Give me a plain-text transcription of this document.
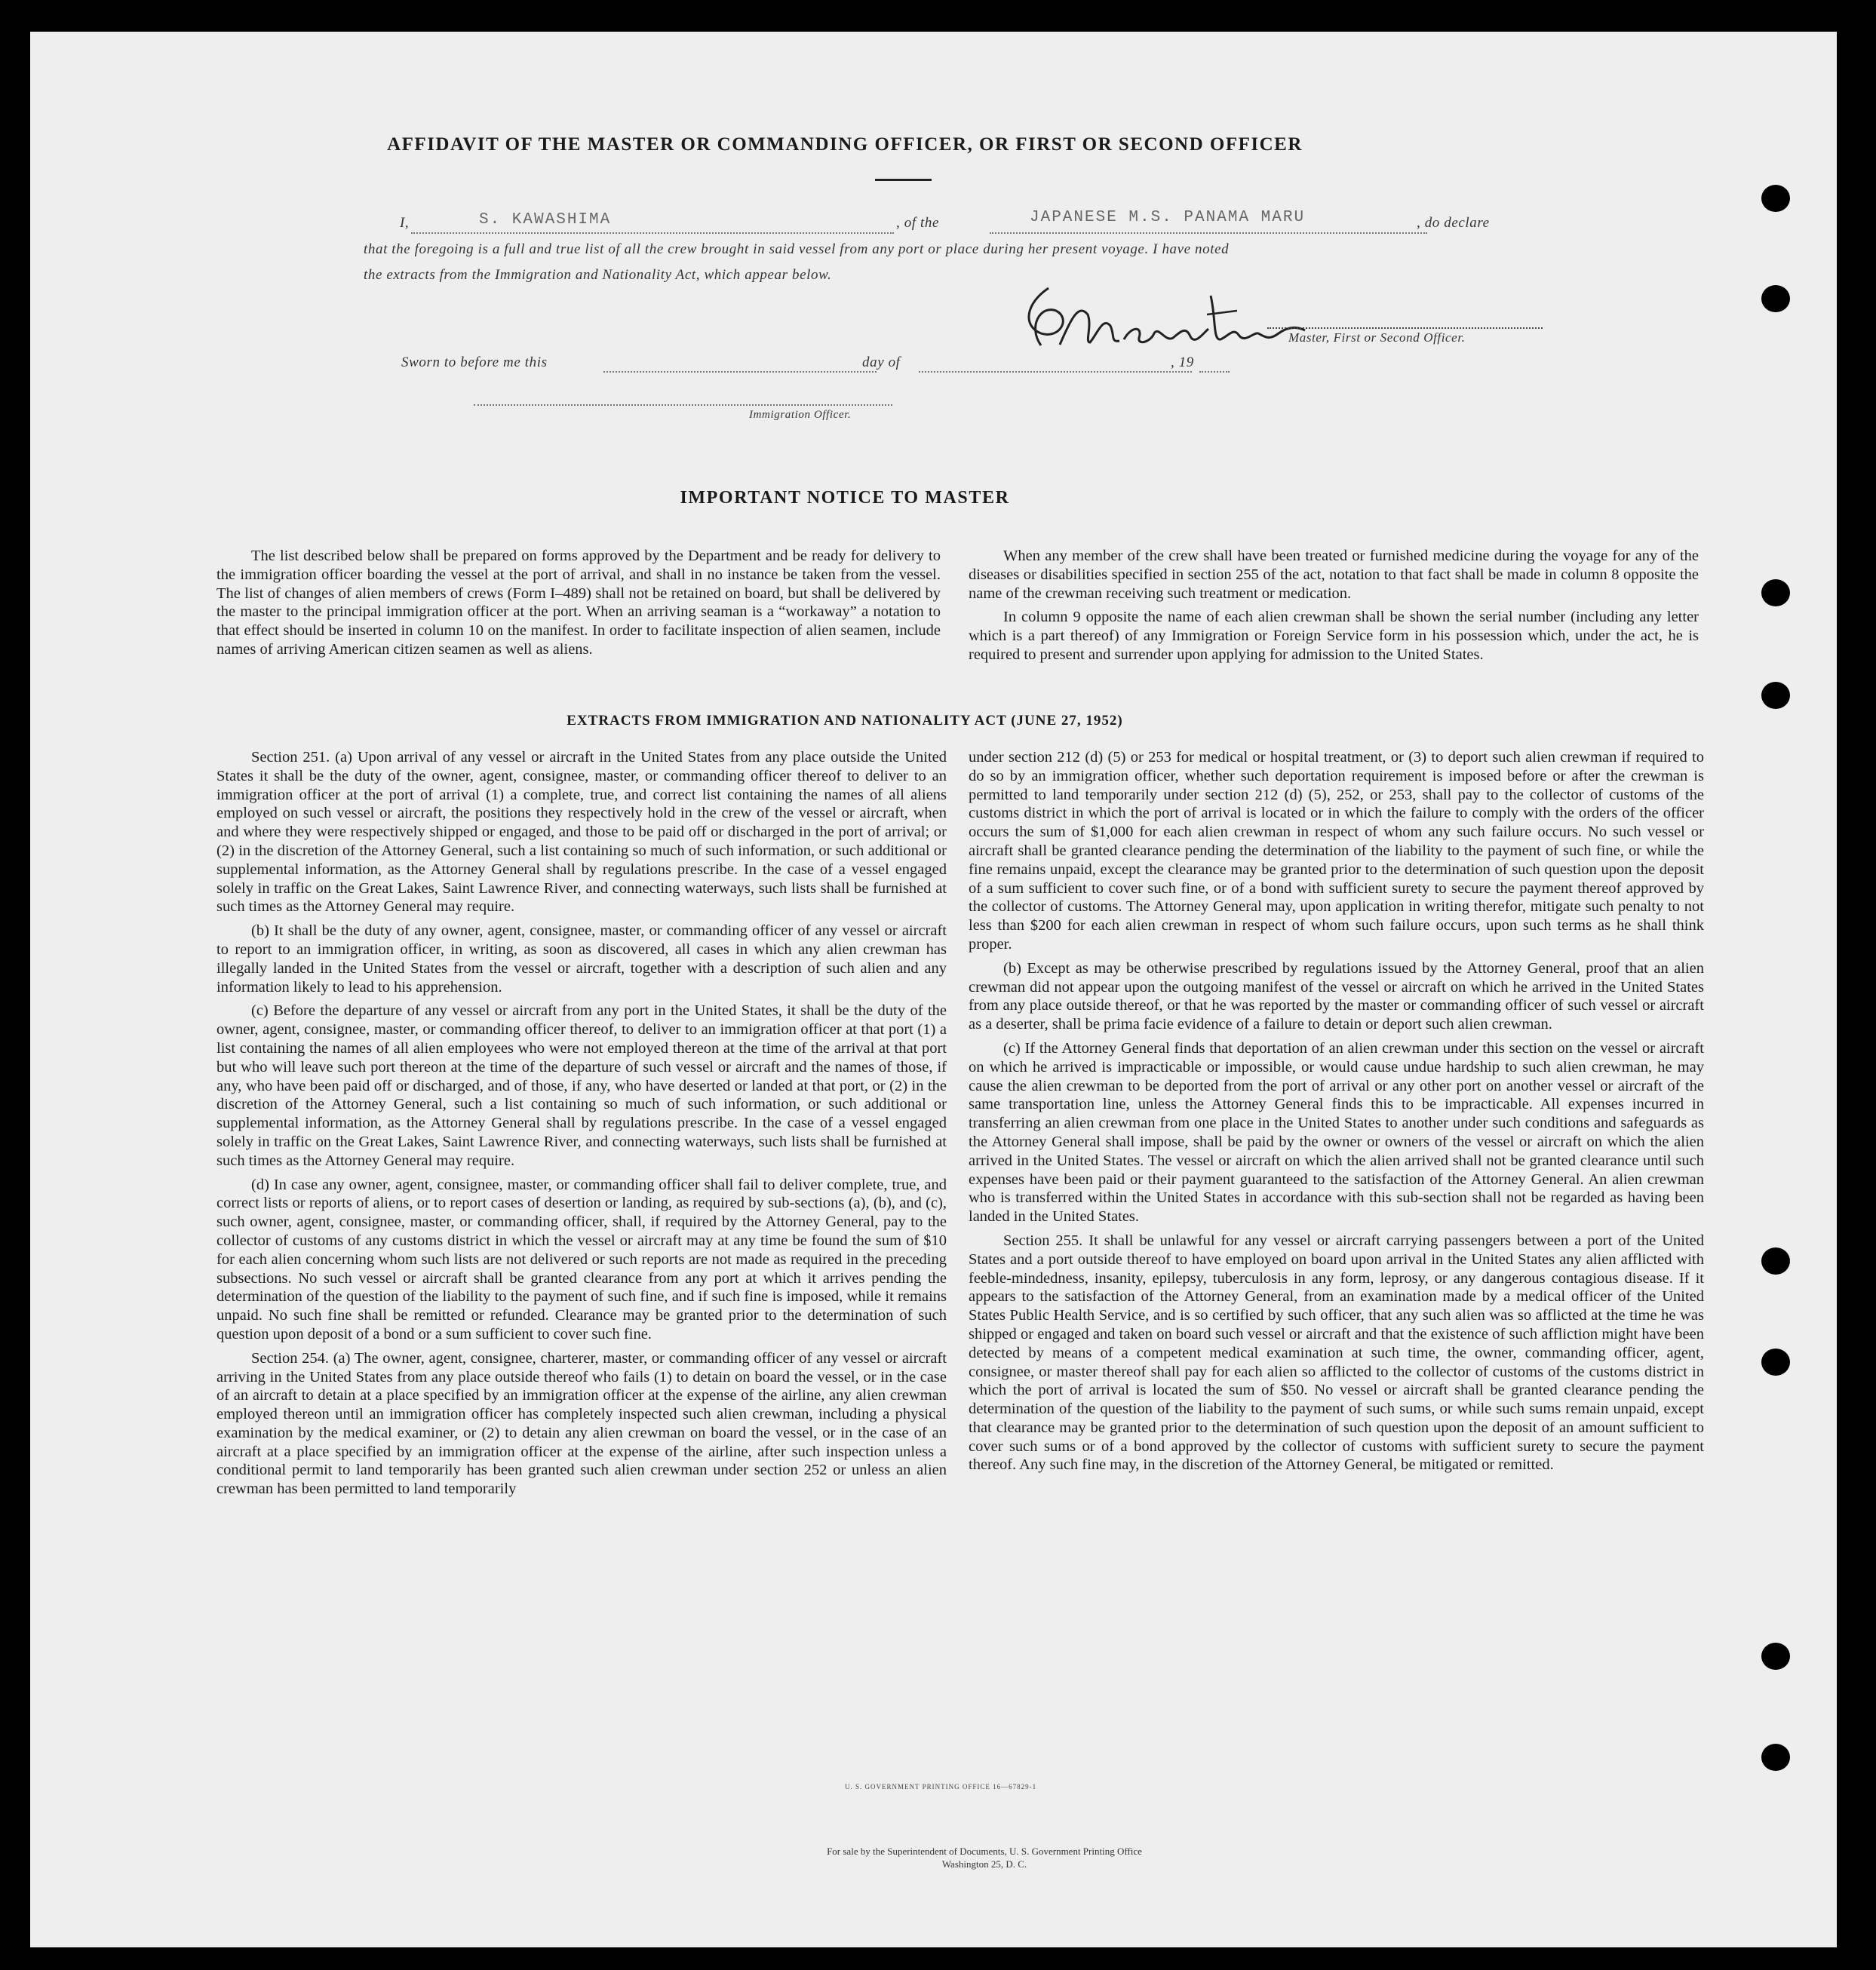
AFFIDAVIT OF THE MASTER OR COMMANDING OFFICER, OR FIRST OR SECOND OFFICER
I,	S. KAWASHIMA	, of the	JAPANESE M.S. PANAMA MARU	, do declare
that the foregoing is a full and true list of all the crew brought in said vessel from any port or place during her present voyage. I have noted
the extracts from the Immigration and Nationality Act, which appear below.
Master, First or Second Officer.
Sworn to before me this	day of	, 19
Immigration Officer.
IMPORTANT NOTICE TO MASTER

The list described below shall be prepared on forms approved by the Department and be ready for delivery to the immigration officer boarding the vessel at the port of arrival, and shall in no instance be taken from the vessel. The list of changes of alien members of crews (Form I–489) shall not be retained on board, but shall be delivered by the master to the principal immigration officer at the port. When an arriving seaman is a “workaway” a notation to that effect should be inserted in column 10 on the manifest. In order to facilitate inspection of alien seamen, include names of arriving American citizen seamen as well as aliens.

When any member of the crew shall have been treated or furnished medicine during the voyage for any of the diseases or disabilities specified in section 255 of the act, notation to that fact shall be made in column 8 opposite the name of the crewman receiving such treatment or medication.

In column 9 opposite the name of each alien crewman shall be shown the serial number (including any letter which is a part thereof) of any Immigration or Foreign Service form in his possession which, under the act, he is required to present and surrender upon applying for admission to the United States.

EXTRACTS FROM IMMIGRATION AND NATIONALITY ACT (JUNE 27, 1952)

Section 251. (a) Upon arrival of any vessel or aircraft in the United States from any place outside the United States it shall be the duty of the owner, agent, consignee, master, or commanding officer thereof to deliver to an immigration officer at the port of arrival (1) a complete, true, and correct list containing the names of all aliens employed on such vessel or aircraft, the positions they respectively hold in the crew of the vessel or aircraft, when and where they were respectively shipped or engaged, and those to be paid off or discharged in the port of arrival; or (2) in the discretion of the Attorney General, such a list containing so much of such information, or such additional or supplemental information, as the Attorney General shall by regulations prescribe. In the case of a vessel engaged solely in traffic on the Great Lakes, Saint Lawrence River, and connecting waterways, such lists shall be furnished at such times as the Attorney General may require.

(b) It shall be the duty of any owner, agent, consignee, master, or commanding officer of any vessel or aircraft to report to an immigration officer, in writing, as soon as discovered, all cases in which any alien crewman has illegally landed in the United States from the vessel or aircraft, together with a description of such alien and any information likely to lead to his apprehension.

(c) Before the departure of any vessel or aircraft from any port in the United States, it shall be the duty of the owner, agent, consignee, master, or commanding officer thereof, to deliver to an immigration officer at that port (1) a list containing the names of all alien employees who were not employed thereon at the time of the arrival at that port but who will leave such port thereon at the time of the departure of such vessel or aircraft and the names of those, if any, who have been paid off or discharged, and of those, if any, who have deserted or landed at that port, or (2) in the discretion of the Attorney General, such a list containing so much of such information, or such additional or supplemental information, as the Attorney General shall by regulations prescribe. In the case of a vessel engaged solely in traffic on the Great Lakes, Saint Lawrence River, and connecting waterways, such lists shall be furnished at such times as the Attorney General may require.

(d) In case any owner, agent, consignee, master, or commanding officer shall fail to deliver complete, true, and correct lists or reports of aliens, or to report cases of desertion or landing, as required by sub-sections (a), (b), and (c), such owner, agent, consignee, master, or commanding officer, shall, if required by the Attorney General, pay to the collector of customs of any customs district in which the vessel or aircraft may at any time be found the sum of $10 for each alien concerning whom such lists are not delivered or such reports are not made as required in the preceding subsections. No such vessel or aircraft shall be granted clearance from any port at which it arrives pending the determination of the question of the liability to the payment of such fine, and if such fine is imposed, while it remains unpaid. No such fine shall be remitted or refunded. Clearance may be granted prior to the determination of such question upon deposit of a bond or a sum sufficient to cover such fine.

Section 254. (a) The owner, agent, consignee, charterer, master, or commanding officer of any vessel or aircraft arriving in the United States from any place outside thereof who fails (1) to detain on board the vessel, or in the case of an aircraft to detain at a place specified by an immigration officer at the expense of the airline, any alien crewman employed thereon until an immigration officer has completely inspected such alien crewman, including a physical examination by the medical examiner, or (2) to detain any alien crewman on board the vessel, or in the case of an aircraft at a place specified by an immigration officer at the expense of the airline, after such inspection unless a conditional permit to land temporarily has been granted such alien crewman under section 252 or unless an alien crewman has been permitted to land temporarily

under section 212 (d) (5) or 253 for medical or hospital treatment, or (3) to deport such alien crewman if required to do so by an immigration officer, whether such deportation requirement is imposed before or after the crewman is permitted to land temporarily under section 212 (d) (5), 252, or 253, shall pay to the collector of customs of the customs district in which the port of arrival is located or in which the failure to comply with the orders of the officer occurs the sum of $1,000 for each alien crewman in respect of whom any such failure occurs. No such vessel or aircraft shall be granted clearance pending the determination of the liability to the payment of such fine, or while the fine remains unpaid, except the clearance may be granted prior to the determination of such question upon the deposit of a sum sufficient to cover such fine, or of a bond with sufficient surety to secure the payment thereof approved by the collector of customs. The Attorney General may, upon application in writing therefor, mitigate such penalty to not less than $200 for each alien crewman in respect of whom such failure occurs, upon such terms as he shall think proper.

(b) Except as may be otherwise prescribed by regulations issued by the Attorney General, proof that an alien crewman did not appear upon the outgoing manifest of the vessel or aircraft on which he arrived in the United States from any place outside thereof, or that he was reported by the master or commanding officer of such vessel or aircraft as a deserter, shall be prima facie evidence of a failure to detain or deport such alien crewman.

(c) If the Attorney General finds that deportation of an alien crewman under this section on the vessel or aircraft on which he arrived is impracticable or impossible, or would cause undue hardship to such alien crewman, he may cause the alien crewman to be deported from the port of arrival or any other port on another vessel or aircraft of the same transportation line, unless the Attorney General finds this to be impracticable. All expenses incurred in transferring an alien crewman from one place in the United States to another under such conditions and safeguards as the Attorney General shall impose, shall be paid by the owner or owners of the vessel or aircraft on which the alien arrived in the United States. The vessel or aircraft on which the alien arrived shall not be granted clearance until such expenses have been paid or their payment guaranteed to the satisfaction of the Attorney General. An alien crewman who is transferred within the United States in accordance with this sub-section shall not be regarded as having been landed in the United States.

Section 255. It shall be unlawful for any vessel or aircraft carrying passengers between a port of the United States and a port outside thereof to have employed on board upon arrival in the United States any alien afflicted with feeble-mindedness, insanity, epilepsy, tuberculosis in any form, leprosy, or any dangerous contagious disease. If it appears to the satisfaction of the Attorney General, from an examination made by a medical officer of the United States Public Health Service, and is so certified by such officer, that any such alien was so afflicted at the time he was shipped or engaged and taken on board such vessel or aircraft and that the existence of such affliction might have been detected by means of a competent medical examination at such time, the owner, commanding officer, agent, consignee, or master thereof shall pay for each alien so afflicted to the collector of customs of the customs district in which the port of arrival is located the sum of $50. No vessel or aircraft shall be granted clearance pending the determination of the question of the liability to the payment of such sums, or while such sums remain unpaid, except that clearance may be granted prior to the determination of such question upon the deposit of an amount sufficient to cover such sums or of a bond approved by the collector of customs with sufficient surety to secure the payment thereof. Any such fine may, in the discretion of the Attorney General, be mitigated or remitted.

U. S. GOVERNMENT PRINTING OFFICE 16—67829-1
For sale by the Superintendent of Documents, U. S. Government Printing Office
Washington 25, D. C.
